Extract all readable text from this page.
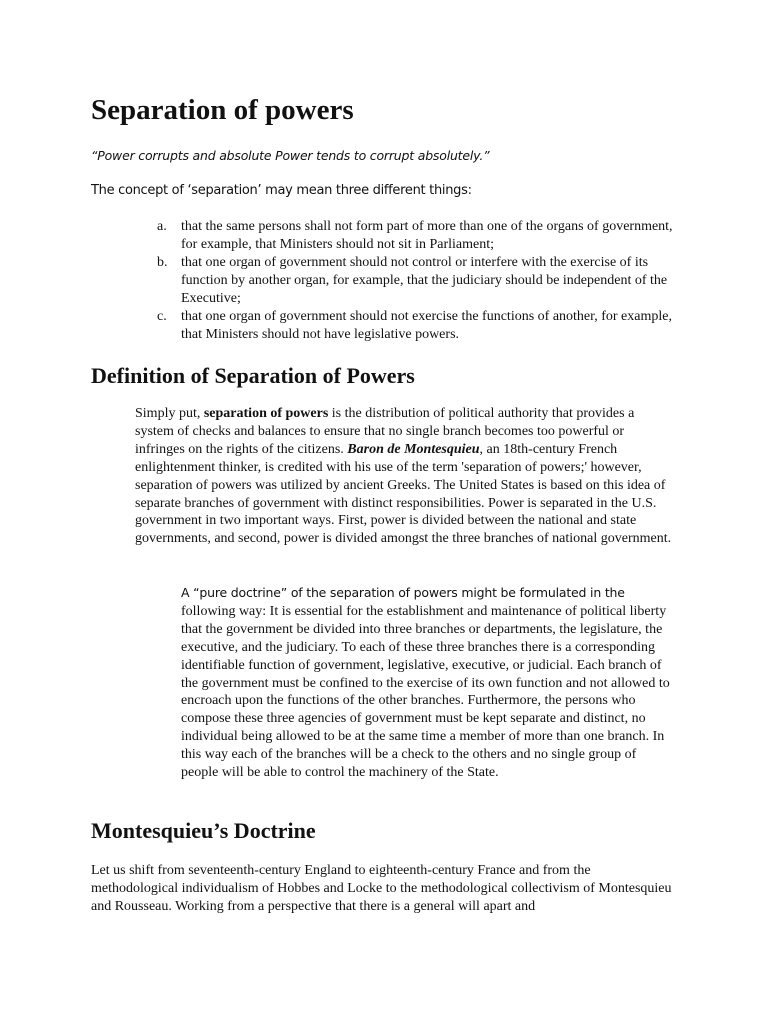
Separation of powers

“Power corrupts and absolute Power tends to corrupt absolutely.”

The concept of ‘separation’ may mean three different things:

a. that the same persons shall not form part of more than one of the organs of government, for example, that Ministers should not sit in Parliament;
b. that one organ of government should not control or interfere with the exercise of its function by another organ, for example, that the judiciary should be independent of the Executive;
c. that one organ of government should not exercise the functions of another, for example, that Ministers should not have legislative powers.
Definition of Separation of Powers

Simply put, separation of powers is the distribution of political authority that provides a system of checks and balances to ensure that no single branch becomes too powerful or infringes on the rights of the citizens. Baron de Montesquieu, an 18th-century French enlightenment thinker, is credited with his use of the term 'separation of powers;' however, separation of powers was utilized by ancient Greeks. The United States is based on this idea of separate branches of government with distinct responsibilities. Power is separated in the U.S. government in two important ways. First, power is divided between the national and state governments, and second, power is divided amongst the three branches of national government.

A “pure doctrine” of the separation of powers might be formulated in the following way: It is essential for the establishment and maintenance of political liberty that the government be divided into three branches or departments, the legislature, the executive, and the judiciary. To each of these three branches there is a corresponding identifiable function of government, legislative, executive, or judicial. Each branch of the government must be confined to the exercise of its own function and not allowed to encroach upon the functions of the other branches. Furthermore, the persons who compose these three agencies of government must be kept separate and distinct, no individual being allowed to be at the same time a member of more than one branch. In this way each of the branches will be a check to the others and no single group of people will be able to control the machinery of the State.

Montesquieu’s Doctrine

Let us shift from seventeenth-century England to eighteenth-century France and from the methodological individualism of Hobbes and Locke to the methodological collectivism of Montesquieu and Rousseau. Working from a perspective that there is a general will apart and
